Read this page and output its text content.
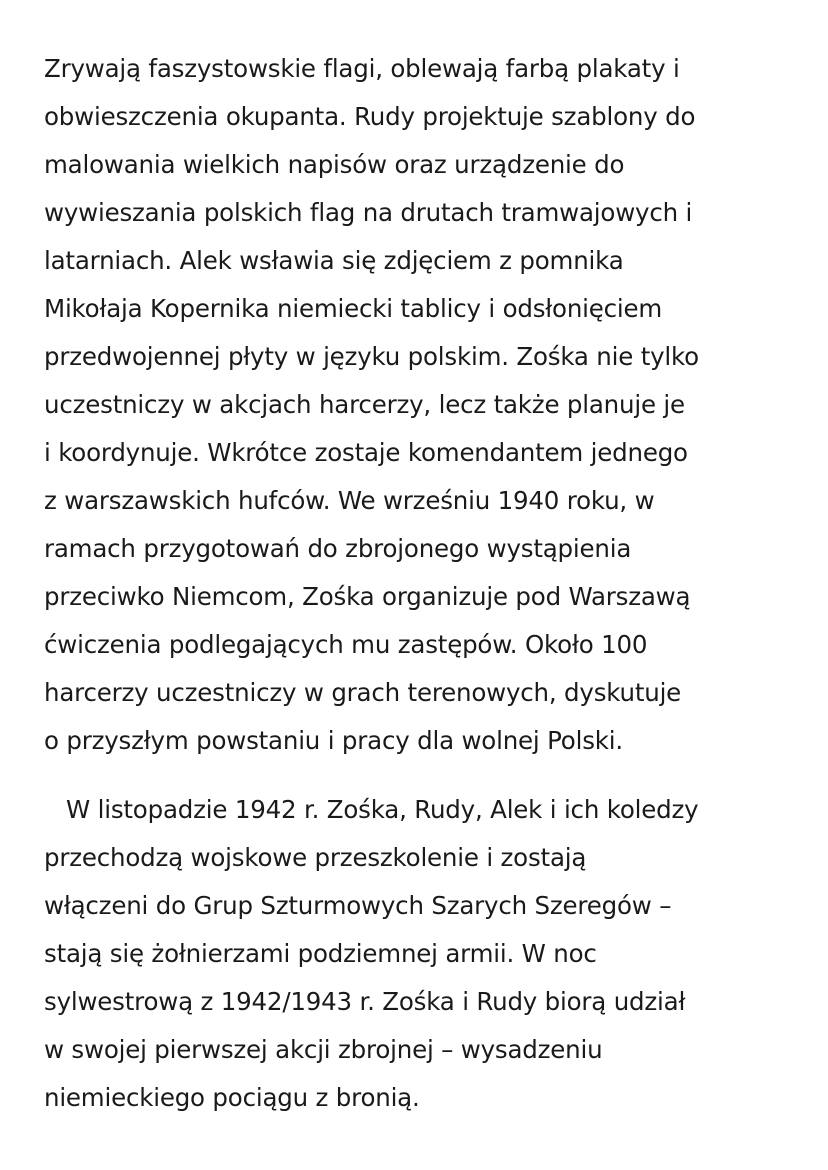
Zrywają faszystowskie flagi, oblewają farbą plakaty i
obwieszczenia okupanta. Rudy projektuje szablony do
malowania wielkich napisów oraz urządzenie do
wywieszania polskich flag na drutach tramwajowych i
latarniach. Alek wsławia się zdjęciem z pomnika
Mikołaja Kopernika niemiecki tablicy i odsłonięciem
przedwojennej płyty w języku polskim. Zośka nie tylko
uczestniczy w akcjach harcerzy, lecz także planuje je
i koordynuje. Wkrótce zostaje komendantem jednego
z warszawskich hufców. We wrześniu 1940 roku, w
ramach przygotowań do zbrojonego wystąpienia
przeciwko Niemcom, Zośka organizuje pod Warszawą
ćwiczenia podlegających mu zastępów. Około 100
harcerzy uczestniczy w grach terenowych, dyskutuje
o przyszłym powstaniu i pracy dla wolnej Polski.
W listopadzie 1942 r. Zośka, Rudy, Alek i ich koledzy
przechodzą wojskowe przeszkolenie i zostają
włączeni do Grup Szturmowych Szarych Szeregów –
stają się żołnierzami podziemnej armii. W noc
sylwestrową z 1942/1943 r. Zośka i Rudy biorą udział
w swojej pierwszej akcji zbrojnej – wysadzeniu
niemieckiego pociągu z bronią.
